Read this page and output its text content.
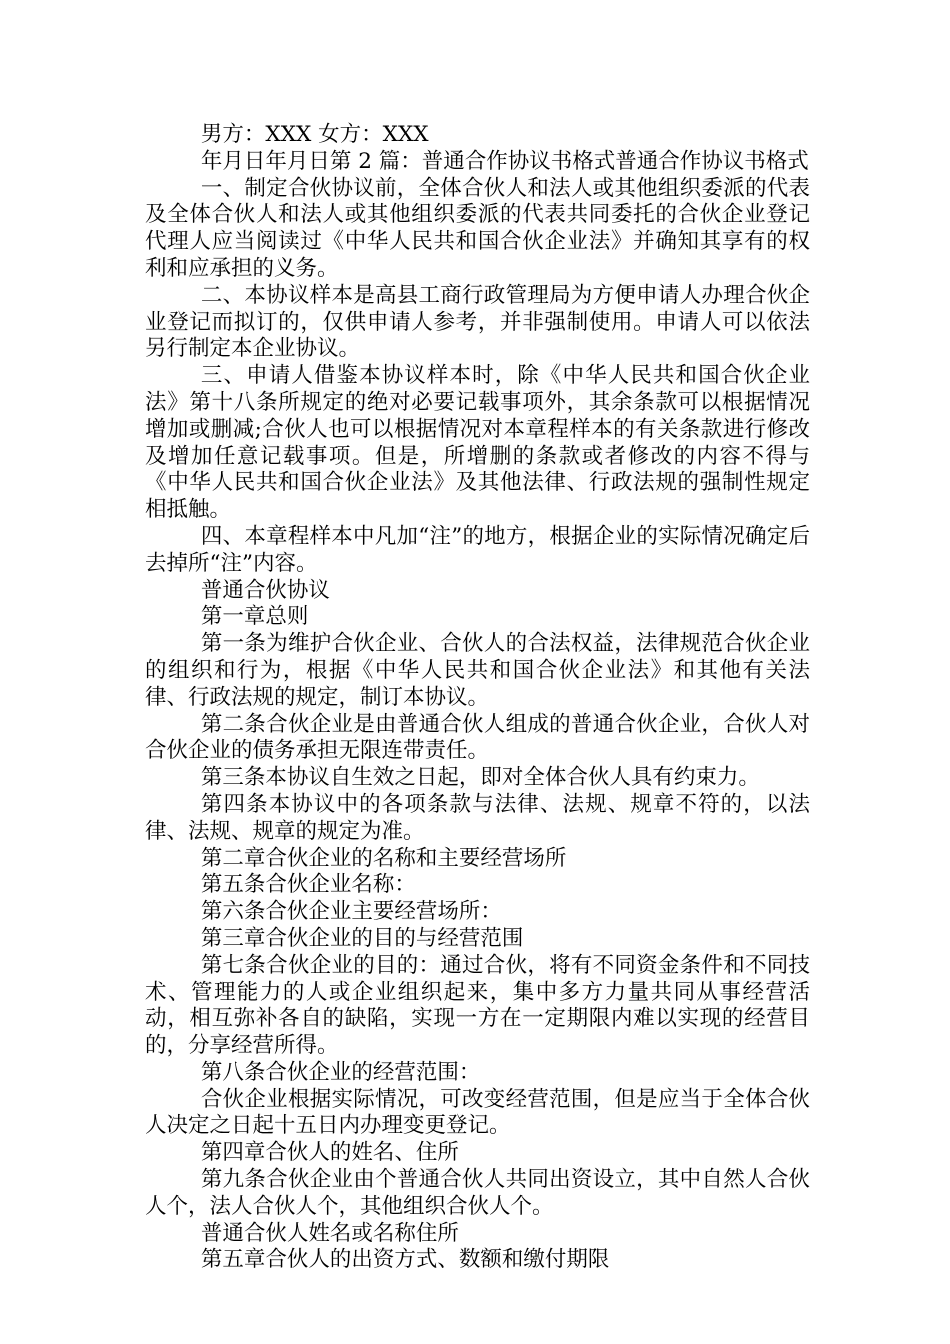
男方：XXX 女方：XXX

年月日年月日第 2 篇：普通合作协议书格式普通合作协议书格式

一、制定合伙协议前，全体合伙人和法人或其他组织委派的代表及全体合伙人和法人或其他组织委派的代表共同委托的合伙企业登记代理人应当阅读过《中华人民共和国合伙企业法》并确知其享有的权利和应承担的义务。

二、本协议样本是高县工商行政管理局为方便申请人办理合伙企业登记而拟订的，仅供申请人参考，并非强制使用。申请人可以依法另行制定本企业协议。

三、申请人借鉴本协议样本时，除《中华人民共和国合伙企业法》第十八条所规定的绝对必要记载事项外，其余条款可以根据情况增加或删减;合伙人也可以根据情况对本章程样本的有关条款进行修改及增加任意记载事项。但是，所增删的条款或者修改的内容不得与《中华人民共和国合伙企业法》及其他法律、行政法规的强制性规定相抵触。

四、本章程样本中凡加“注”的地方，根据企业的实际情况确定后去掉所“注”内容。

普通合伙协议

第一章总则

第一条为维护合伙企业、合伙人的合法权益，法律规范合伙企业的组织和行为，根据《中华人民共和国合伙企业法》和其他有关法律、行政法规的规定，制订本协议。

第二条合伙企业是由普通合伙人组成的普通合伙企业，合伙人对合伙企业的债务承担无限连带责任。

第三条本协议自生效之日起，即对全体合伙人具有约束力。

第四条本协议中的各项条款与法律、法规、规章不符的，以法律、法规、规章的规定为准。

第二章合伙企业的名称和主要经营场所

第五条合伙企业名称：

第六条合伙企业主要经营场所：

第三章合伙企业的目的与经营范围

第七条合伙企业的目的：通过合伙，将有不同资金条件和不同技术、管理能力的人或企业组织起来，集中多方力量共同从事经营活动，相互弥补各自的缺陷，实现一方在一定期限内难以实现的经营目的，分享经营所得。

第八条合伙企业的经营范围：

合伙企业根据实际情况，可改变经营范围，但是应当于全体合伙人决定之日起十五日内办理变更登记。

第四章合伙人的姓名、住所

第九条合伙企业由个普通合伙人共同出资设立，其中自然人合伙人个，法人合伙人个，其他组织合伙人个。

普通合伙人姓名或名称住所

第五章合伙人的出资方式、数额和缴付期限
